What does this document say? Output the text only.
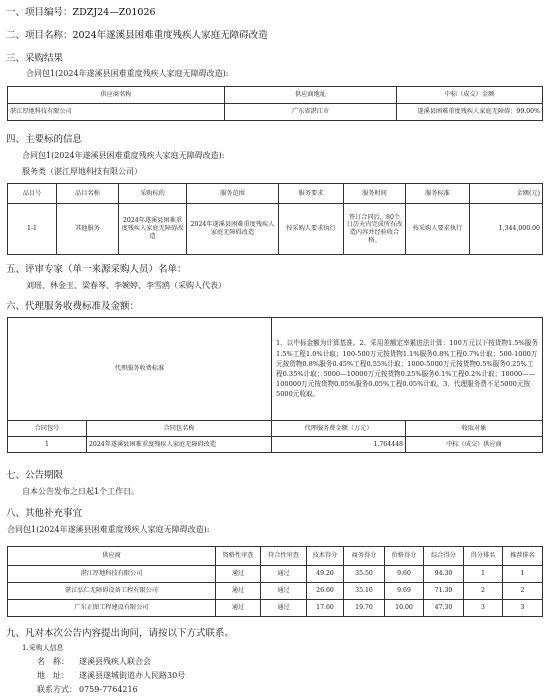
一、项目编号：ZDZJ24—Z01026
二、项目名称：2024年遂溪县困难重度残疾人家庭无障碍改造
三、采购结果
合同包1(2024年遂溪县困难重度残疾人家庭无障碍改造):
供应商名称	供应商地址	中标（成交）金额
湛江厚地科技有限公司	广东省湛江市	遂溪县困难重度残疾人家庭无障碍：99.00%
四、主要标的信息
合同包1(2024年遂溪县困难重度残疾人家庭无障碍改造):
服务类（湛江厚地科技有限公司）
品目号	品目名称	采购标的	服务范围	服务要求	服务时间	服务标准	金额(元)
1-1	其他服务	2024年遂溪县困难重度残疾人家庭无障碍改造	2024年遂溪县困难重度残疾人家庭无障碍改造	按采购人要求执行	签订合同后，80个日历天内完成所有改造内容并经验收合格。	按采购人要求执行	1,344,000.00
五、评审专家（单一来源采购人员）名单：
刘瑶、林金玉、梁春琴、李婉婷、李雪鸥（采购人代表）
六、代理服务收费标准及金额：
代理服务收费标准		1、以中标金额为计算基准。2、采用差额定率累进法计算：100万元以下按货物1.5%服务1.5%工程1.0%计取；100-500万元按货物1.1%服务0.8%工程0.7%计取；500-1000万元按货物0.8%服务0.45%工程0.55%计取；1000-5000万元按货物0.5%服务0.25%工程0.35%计取；5000—10000万元按货物0.25%服务0.1%工程0.2%计取；10000——100000万元按货物0.05%服务0.05%工程0.05%计取。3、代理服务费不足5000元按5000元收取。	
合同包号	合同包名称	代理服务费金额（万元）	收取对象
1	2024年遂溪县困难重度残疾人家庭无障碍改造	1.764448	中标（成交）供应商
七、公告期限
自本公告发布之日起1个工作日。
八、其他补充事宜
合同包1(2024年遂溪县困难重度残疾人家庭无障碍改造):
供应商	资格性审查	符合性审查	技术得分	商务得分	价格得分	综合得分	得分排名	推荐排名
湛江厚地科技有限公司	通过	通过	49.20	35.50	9.60	94.30	1	1
湛江弘仁无障碍设备工程有限公司	通过	通过	26.60	35.10	9.69	71.39	2	2
广东正图工程建设有限公司	通过	通过	17.60	19.70	10.00	47.30	3	3
九、凡对本次公告内容提出询问，请按以下方式联系。
1.采购人信息
名　称： 遂溪县残疾人联合会
地　址： 遂溪县遂城街道办人民路30号
联系方式： 0759-7764216
